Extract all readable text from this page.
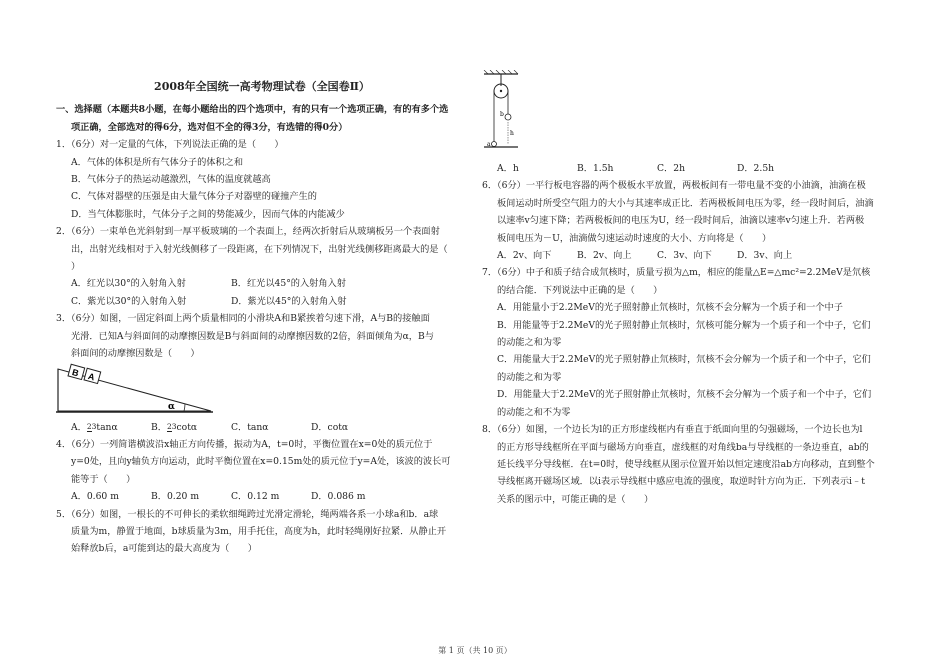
2008年全国统一高考物理试卷（全国卷Ⅱ）
一、选择题（本题共8小题，在每小题给出的四个选项中，有的只有一个选项正确，有的有多个选
项正确，全部选对的得6分，选对但不全的得3分，有选错的得0分）
1．（6分）对一定量的气体，下列说法正确的是（　　）
A．气体的体积是所有气体分子的体积之和
B．气体分子的热运动越激烈，气体的温度就越高
C．气体对器壁的压强是由大量气体分子对器壁的碰撞产生的
D．当气体膨胀时，气体分子之间的势能减少，因而气体的内能减少
2．（6分）一束单色光斜射到一厚平板玻璃的一个表面上，经两次折射后从玻璃板另一个表面射
出，出射光线相对于入射光线侧移了一段距离，在下列情况下，出射光线侧移距离最大的是（
）
A．红光以30°的入射角入射	B．红光以45°的入射角入射
C．紫光以30°的入射角入射	D．紫光以45°的入射角入射
3．（6分）如图，一固定斜面上两个质量相同的小滑块A和B紧挨着匀速下滑，A与B的接触面
光滑．已知A与斜面间的动摩擦因数是B与斜面间的动摩擦因数的2倍，斜面倾角为α，B与
斜面间的动摩擦因数是（　　）
B A
α
A．23tanα	B．23cotα	C．tanα	D．cotα
4．（6分）一列简谐横波沿x轴正方向传播，振动为A，t=0时，平衡位置在x=0处的质元位于
y=0处，且向y轴负方向运动，此时平衡位置在x=0.15m处的质元位于y=A处，该波的波长可
能等于（　　）
A．0.60 m	B．0.20 m	C．0.12 m	D．0.086 m
5．（6分）如图，一根长的不可伸长的柔软细绳跨过光滑定滑轮，绳两端各系一小球a和b．a球
质量为m，静置于地面，b球质量为3m，用手托住，高度为h，此时轻绳刚好拉紧．从静止开
始释放b后，a可能到达的最大高度为（　　）
b
h
a
A．h	B．1.5h	C．2h	D．2.5h
6．（6分）一平行板电容器的两个极板水平放置，两极板间有一带电量不变的小油滴，油滴在极
板间运动时所受空气阻力的大小与其速率成正比．若两极板间电压为零，经一段时间后，油滴
以速率v匀速下降；若两极板间的电压为U，经一段时间后，油滴以速率v匀速上升．若两极
板间电压为－U，油滴做匀速运动时速度的大小、方向将是（　　）
A．2v、向下	B．2v、向上	C．3v、向下	D．3v、向上
7．（6分）中子和质子结合成氘核时，质量亏损为△m，相应的能量△E=△mc²=2.2MeV是氘核
的结合能．下列说法中正确的是（　　）
A．用能量小于2.2MeV的光子照射静止氘核时，氘核不会分解为一个质子和一个中子
B．用能量等于2.2MeV的光子照射静止氘核时，氘核可能分解为一个质子和一个中子，它们
的动能之和为零
C．用能量大于2.2MeV的光子照射静止氘核时，氘核不会分解为一个质子和一个中子，它们
的动能之和为零
D．用能量大于2.2MeV的光子照射静止氘核时，氘核不会分解为一个质子和一个中子，它们
的动能之和不为零
8．（6分）如图，一个边长为l的正方形虚线框内有垂直于纸面向里的匀强磁场，一个边长也为l
的正方形导线框所在平面与磁场方向垂直，虚线框的对角线ba与导线框的一条边垂直，ab的
延长线平分导线框．在t=0时，使导线框从图示位置开始以恒定速度沿ab方向移动，直到整个
导线框离开磁场区域．以i表示导线框中感应电流的强度，取逆时针方向为正．下列表示i﹣t
关系的图示中，可能正确的是（　　）
第 1 页（共 10 页）
